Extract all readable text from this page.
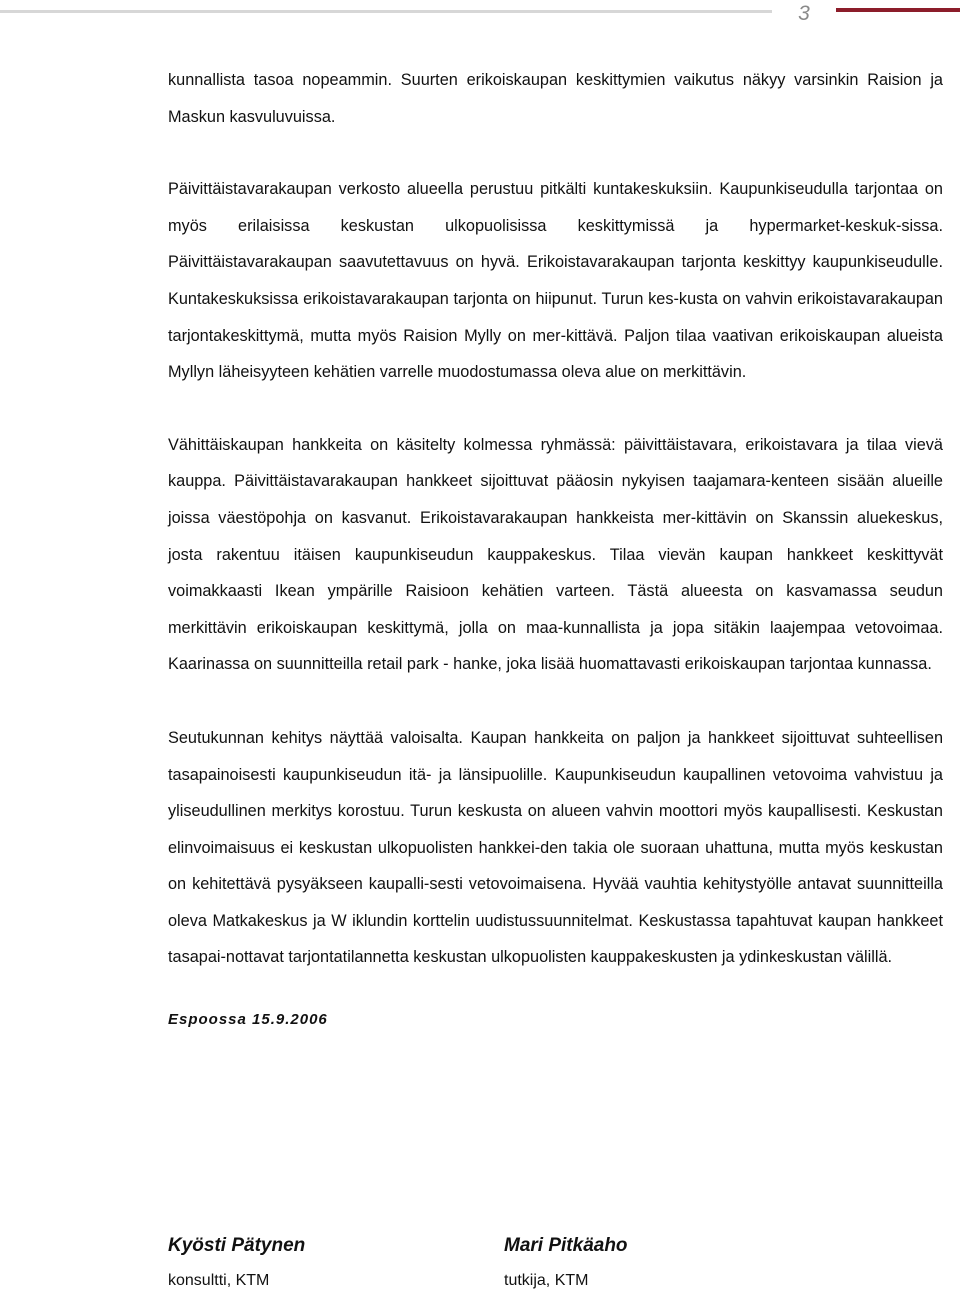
3

kunnallista tasoa nopeammin. Suurten erikoiskaupan keskittymien vaikutus näkyy varsinkin Raision ja Maskun kasvuluvuissa.

Päivittäistavarakaupan verkosto alueella perustuu pitkälti kuntakeskuksiin. Kaupunkiseudulla tarjontaa on myös erilaisissa keskustan ulkopuolisissa keskittymissä ja hypermarket-keskuk-sissa. Päivittäistavarakaupan saavutettavuus on hyvä. Erikoistavarakaupan tarjonta keskittyy kaupunkiseudulle. Kuntakeskuksissa erikoistavarakaupan tarjonta on hiipunut. Turun kes-kusta on vahvin erikoistavarakaupan tarjontakeskittymä, mutta myös Raision Mylly on mer-kittävä. Paljon tilaa vaativan erikoiskaupan alueista Myllyn läheisyyteen kehätien varrelle muodostumassa oleva alue on merkittävin.

Vähittäiskaupan hankkeita on käsitelty kolmessa ryhmässä: päivittäistavara, erikoistavara ja tilaa vievä kauppa. Päivittäistavarakaupan hankkeet sijoittuvat pääosin nykyisen taajamara-kenteen sisään alueille joissa väestöpohja on kasvanut. Erikoistavarakaupan hankkeista mer-kittävin on Skanssin aluekeskus, josta rakentuu itäisen kaupunkiseudun kauppakeskus. Tilaa vievän kaupan hankkeet keskittyvät voimakkaasti Ikean ympärille Raisioon kehätien varteen. Tästä alueesta on kasvamassa seudun merkittävin erikoiskaupan keskittymä, jolla on maa-kunnallista ja jopa sitäkin laajempaa vetovoimaa. Kaarinassa on suunnitteilla retail park - hanke, joka lisää huomattavasti erikoiskaupan tarjontaa kunnassa.

Seutukunnan kehitys näyttää valoisalta. Kaupan hankkeita on paljon ja hankkeet sijoittuvat suhteellisen tasapainoisesti kaupunkiseudun itä- ja länsipuolille. Kaupunkiseudun kaupallinen vetovoima vahvistuu ja yliseudullinen merkitys korostuu. Turun keskusta on alueen vahvin moottori myös kaupallisesti. Keskustan elinvoimaisuus ei keskustan ulkopuolisten hankkei-den takia ole suoraan uhattuna, mutta myös keskustan on kehitettävä pysyäkseen kaupalli-sesti vetovoimaisena. Hyvää vauhtia kehitystyölle antavat suunnitteilla oleva Matkakeskus ja W iklundin korttelin uudistussuunnitelmat. Keskustassa tapahtuvat kaupan hankkeet tasapai-nottavat tarjontatilannetta keskustan ulkopuolisten kauppakeskusten ja ydinkeskustan välillä.

Espoossa 15.9.2006

Kyösti Pätynen
konsultti, KTM
Mari Pitkäaho
tutkija, KTM
